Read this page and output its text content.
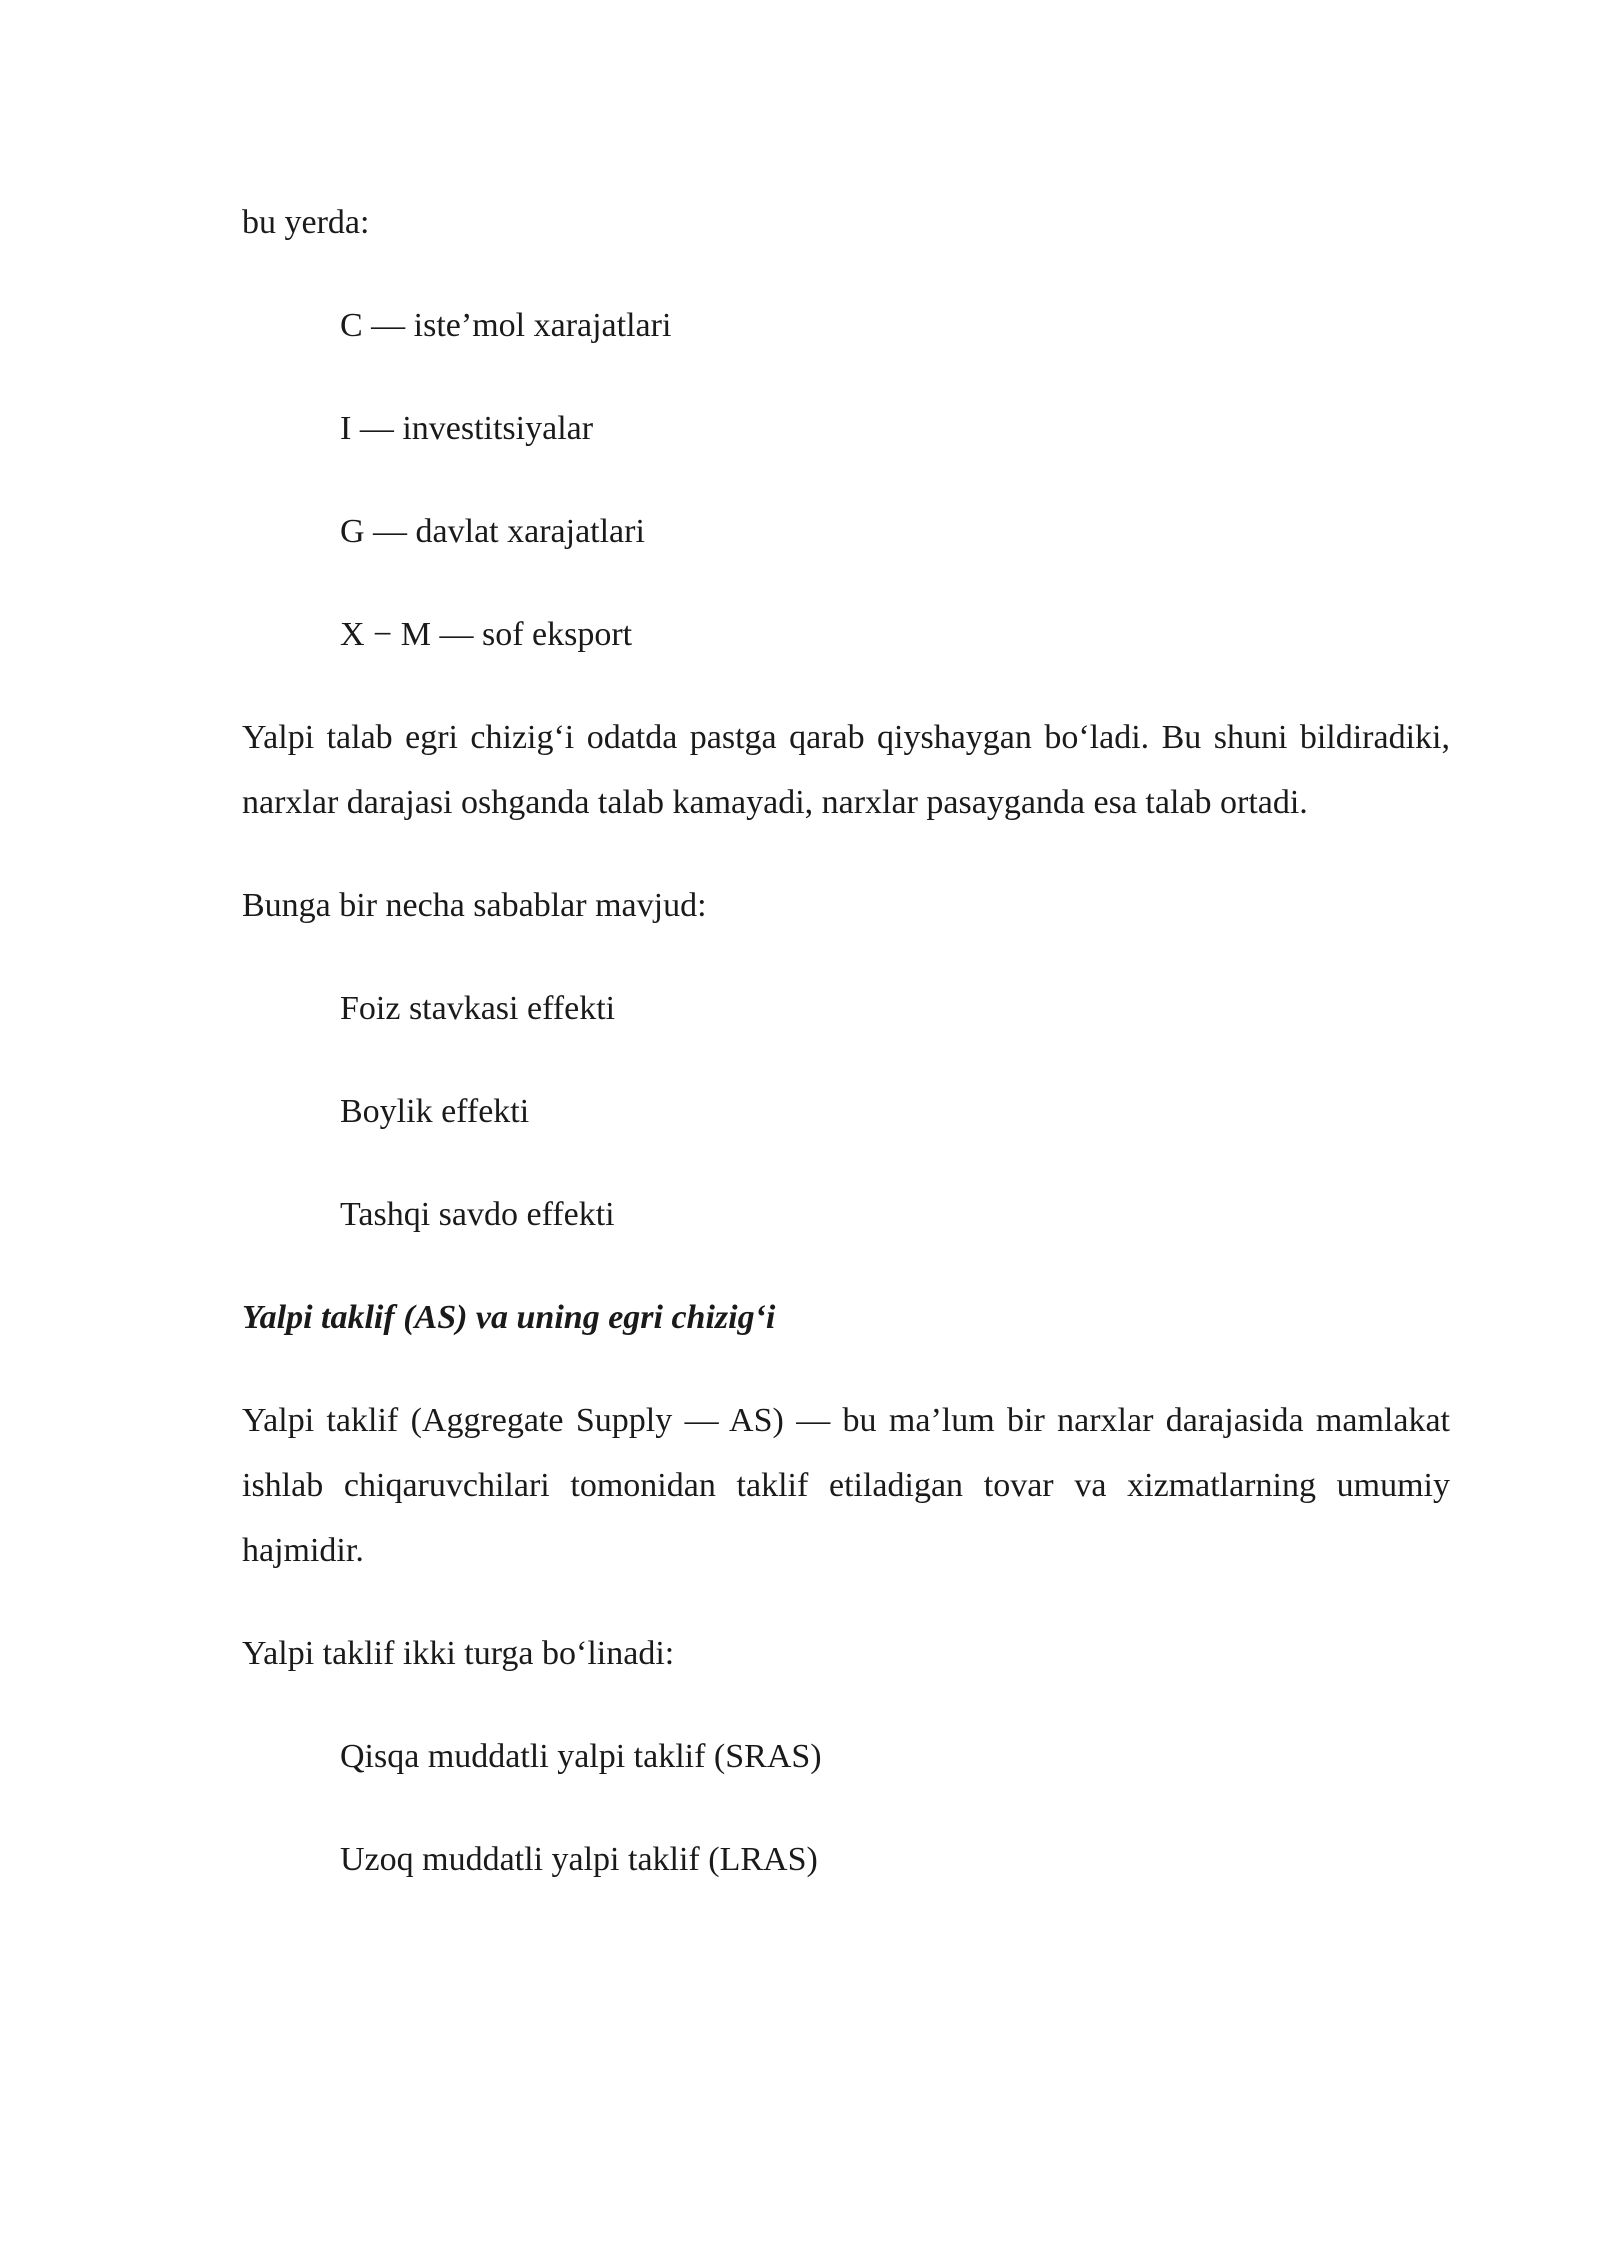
bu yerda:

C — iste’mol xarajatlari

I — investitsiyalar

G — davlat xarajatlari

X − M — sof eksport

Yalpi talab egri chizig‘i odatda pastga qarab qiyshaygan bo‘ladi. Bu shuni bildiradiki, narxlar darajasi oshganda talab kamayadi, narxlar pasayganda esa talab ortadi.

Bunga bir necha sabablar mavjud:

Foiz stavkasi effekti

Boylik effekti

Tashqi savdo effekti

Yalpi taklif (AS) va uning egri chizig‘i

Yalpi taklif (Aggregate Supply — AS) — bu ma’lum bir narxlar darajasida mamlakat ishlab chiqaruvchilari tomonidan taklif etiladigan tovar va xizmatlarning umumiy hajmidir.

Yalpi taklif ikki turga bo‘linadi:

Qisqa muddatli yalpi taklif (SRAS)

Uzoq muddatli yalpi taklif (LRAS)
